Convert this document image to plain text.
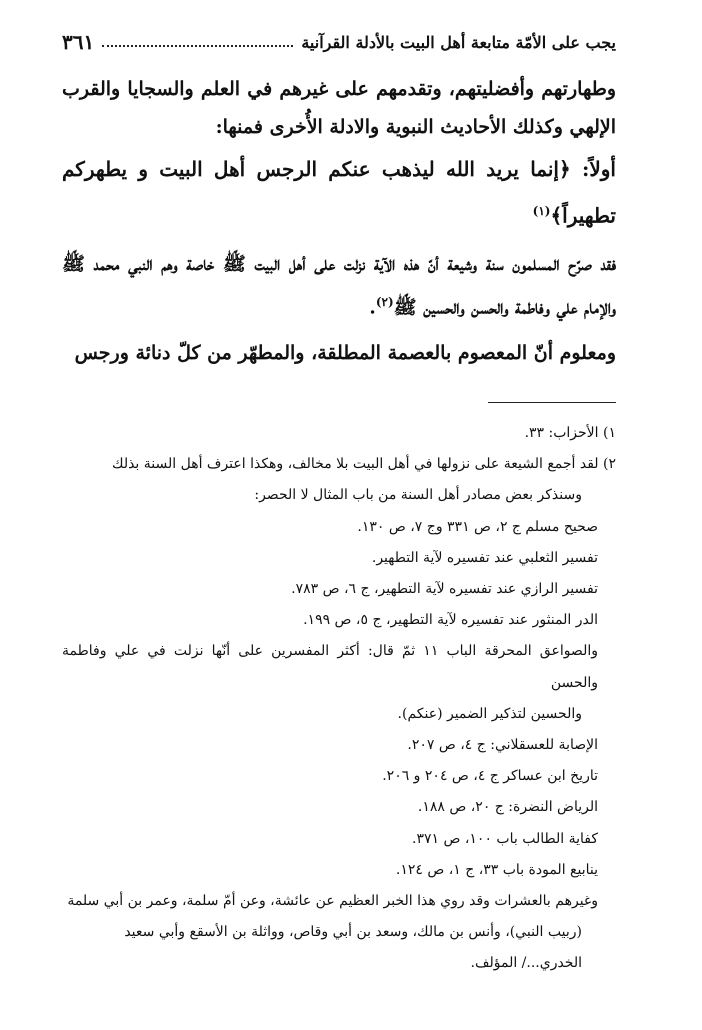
يجب على الأمّة متابعة أهل البيت بالأدلة القرآنية
٣٦١

وطهارتهم وأفضليتهم، وتقدمهم على غيرهم في العلم والسجايا والقرب الإلهي وكذلك الأحاديث النبوية والادلة الأُخرى فمنها:

أولاً: ﴿إنما يريد الله ليذهب عنكم الرجس أهل البيت و يطهركم تطهيراً﴾$^{(١)}$

فقد صرّح المسلمون سنة وشيعة أنّ هذه الآية نزلت على أهل البيت ﷺ خاصة وهم النبي محمد ﷺ والإمام علي وفاطمة والحسن والحسين ﷺ$^{(٢)}$.

ومعلوم أنّ المعصوم بالعصمة المطلقة، والمطهّر من كلّ دنائة ورجس

١) الأحزاب: ٣٣.

٢) لقد أجمع الشيعة على نزولها في أهل البيت بلا مخالف، وهكذا اعترف أهل السنة بذلك

وسنذكر بعض مصادر أهل السنة من باب المثال لا الحصر:

صحيح مسلم ج ٢، ص ٣٣١ وج ٧، ص ١٣٠.

تفسير الثعلبي عند تفسيره لآية التطهير.

تفسير الرازي عند تفسيره لآية التطهير، ج ٦، ص ٧٨٣.

الدر المنثور عند تفسيره لآية التطهير، ج ٥، ص ١٩٩.

والصواعق المحرقة الباب ١١ ثمّ قال: أكثر المفسرين على أنّها نزلت في علي وفاطمة والحسن

والحسين لتذكير الضمير (عنكم).

الإصابة للعسقلاني: ج ٤، ص ٢٠٧.

تاريخ ابن عساكر ج ٤، ص ٢٠٤ و ٢٠٦.

الرياض النضرة: ج ٢٠، ص ١٨٨.

كفاية الطالب باب ١٠٠، ص ٣٧١.

ينابيع المودة باب ٣٣، ج ١، ص ١٢٤.

وغيرهم بالعشرات وقد روي هذا الخبر العظيم عن عائشة، وعن أمّ سلمة، وعمر بن أبي سلمة

(ربيب النبي)، وأنس بن مالك، وسعد بن أبي وقاص، وواثلة بن الأسقع وأبي سعيد

الخدري.../ المؤلف.
